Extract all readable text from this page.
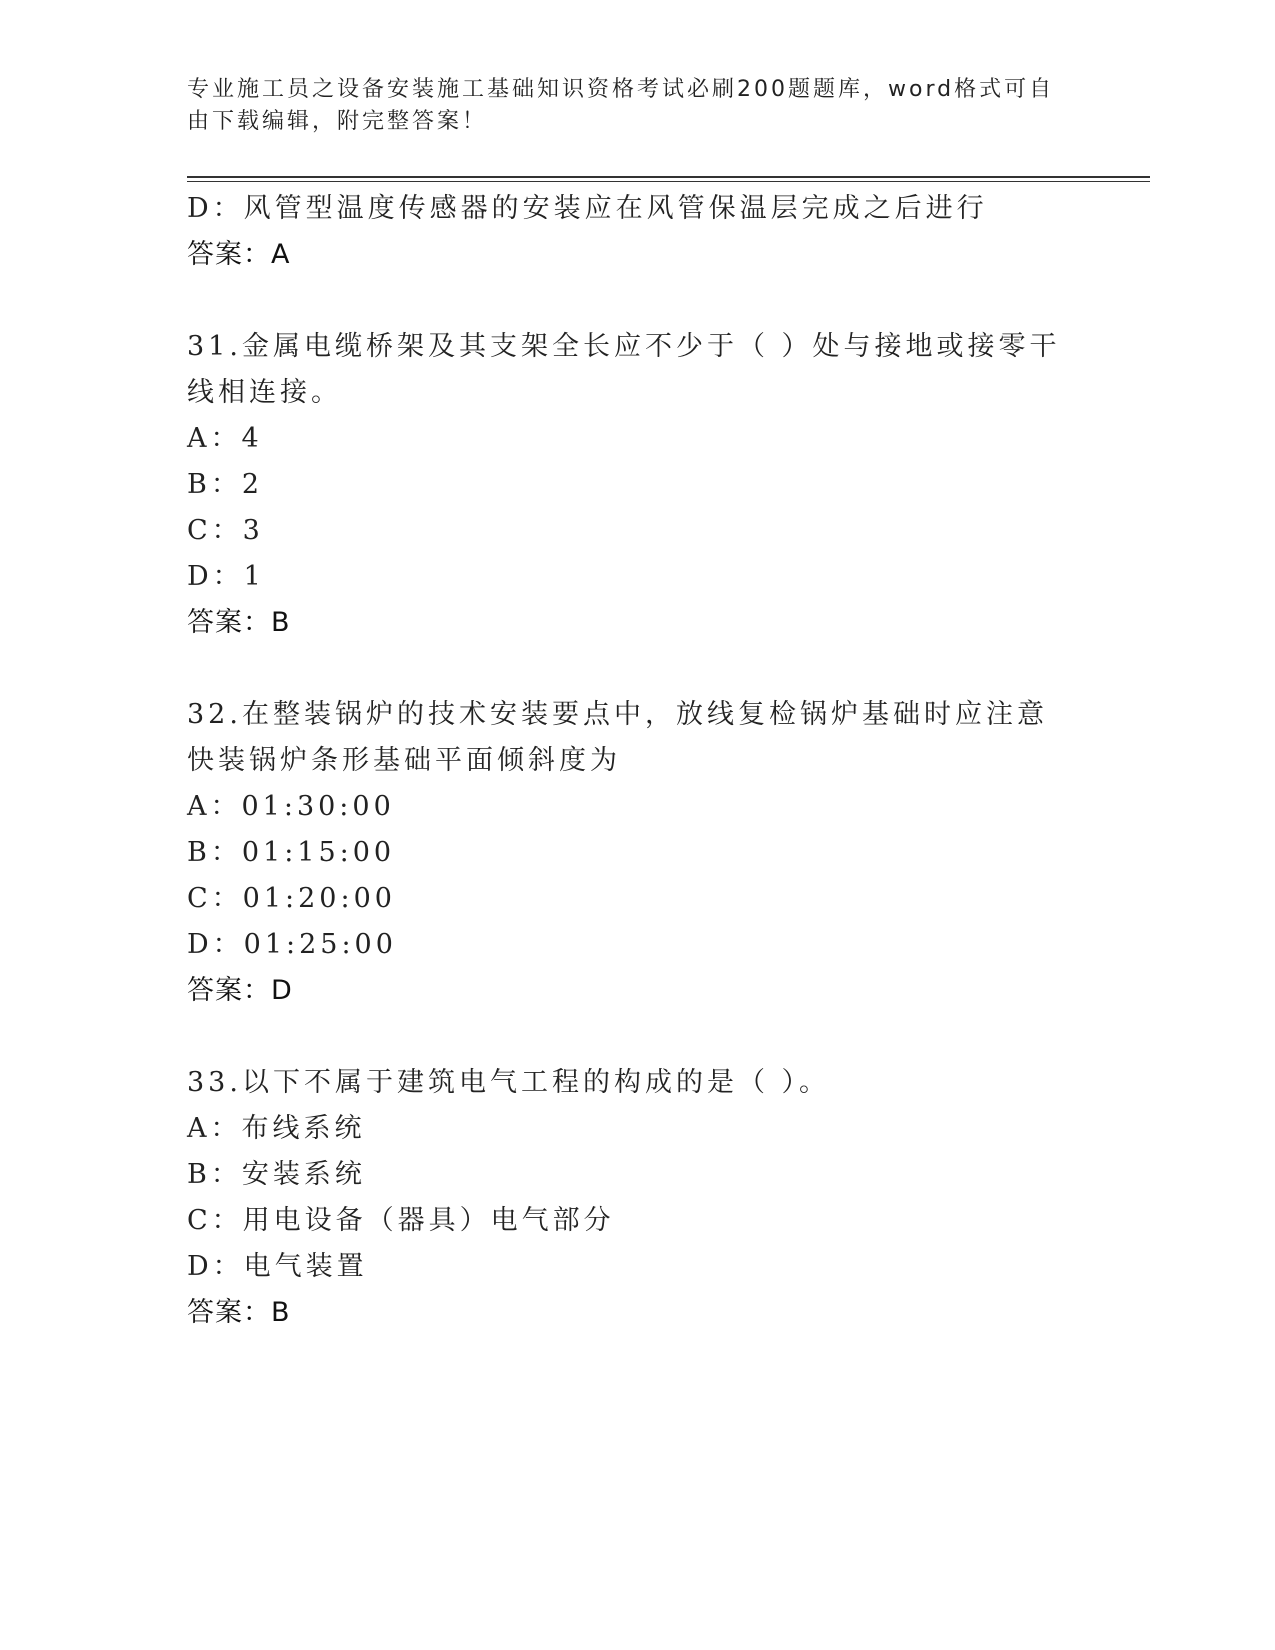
专业施工员之设备安装施工基础知识资格考试必刷200题题库，word格式可自由下载编辑，附完整答案！
D：风管型温度传感器的安装应在风管保温层完成之后进行
答案：A
31.金属电缆桥架及其支架全长应不少于（ ）处与接地或接零干线相连接。
A：4
B：2
C：3
D：1
答案：B
32.在整装锅炉的技术安装要点中，放线复检锅炉基础时应注意快装锅炉条形基础平面倾斜度为
A：01:30:00
B：01:15:00
C：01:20:00
D：01:25:00
答案：D
33.以下不属于建筑电气工程的构成的是（ ）。
A：布线系统
B：安装系统
C：用电设备（器具）电气部分
D：电气装置
答案：B
